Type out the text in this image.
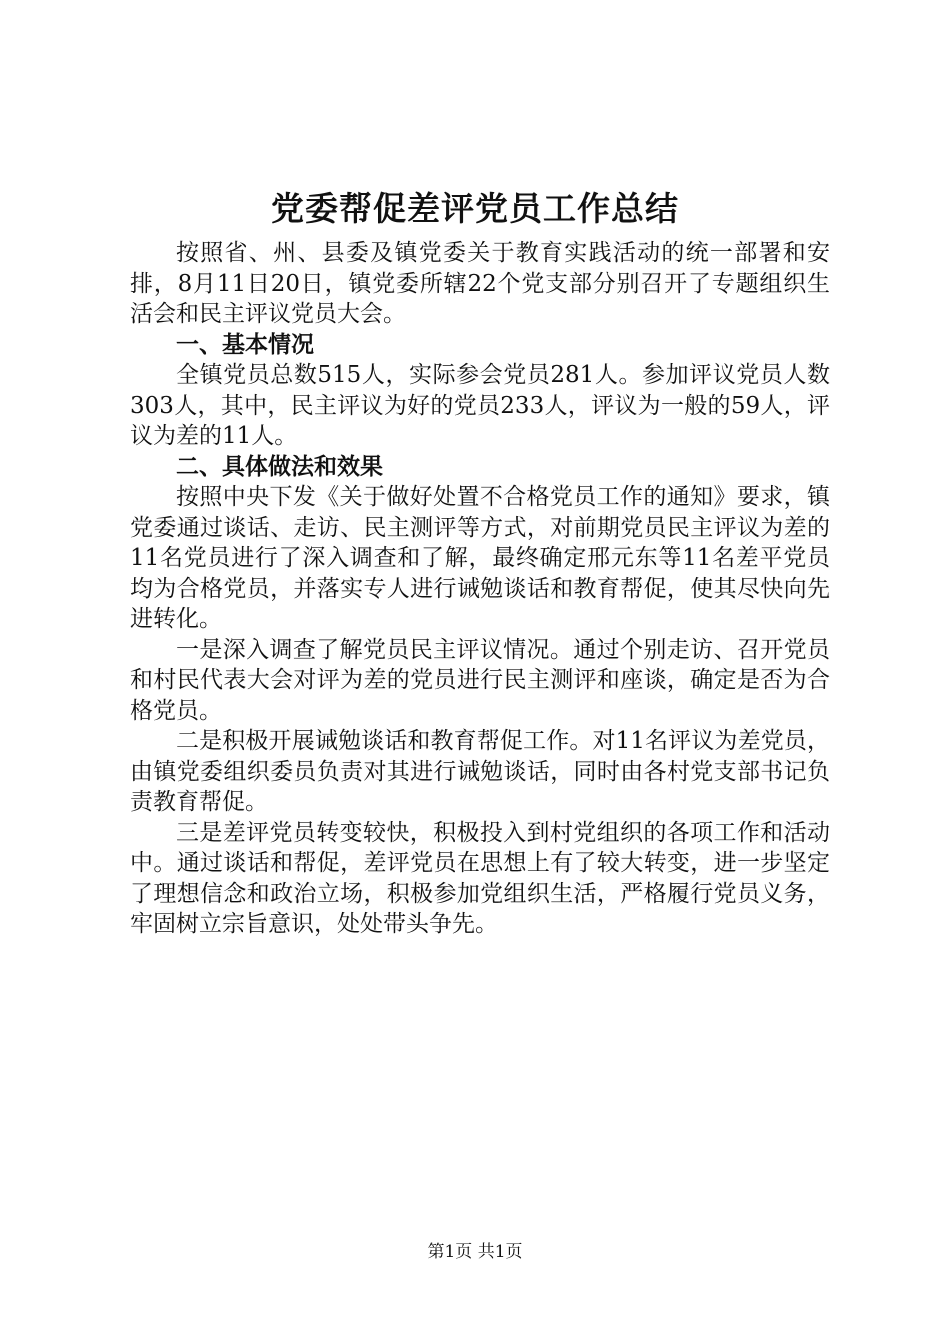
党委帮促差评党员工作总结

按照省、州、县委及镇党委关于教育实践活动的统一部署和安排，8月11日20日，镇党委所辖22个党支部分别召开了专题组织生活会和民主评议党员大会。

一、基本情况

全镇党员总数515人，实际参会党员281人。参加评议党员人数303人，其中，民主评议为好的党员233人，评议为一般的59人，评议为差的11人。

二、具体做法和效果

按照中央下发《关于做好处置不合格党员工作的通知》要求，镇党委通过谈话、走访、民主测评等方式，对前期党员民主评议为差的11名党员进行了深入调查和了解，最终确定邢元东等11名差平党员均为合格党员，并落实专人进行诫勉谈话和教育帮促，使其尽快向先进转化。

一是深入调查了解党员民主评议情况。通过个别走访、召开党员和村民代表大会对评为差的党员进行民主测评和座谈，确定是否为合格党员。

二是积极开展诫勉谈话和教育帮促工作。对11名评议为差党员，由镇党委组织委员负责对其进行诫勉谈话，同时由各村党支部书记负责教育帮促。

三是差评党员转变较快，积极投入到村党组织的各项工作和活动中。通过谈话和帮促，差评党员在思想上有了较大转变，进一步坚定了理想信念和政治立场，积极参加党组织生活，严格履行党员义务，牢固树立宗旨意识，处处带头争先。

第1页 共1页
